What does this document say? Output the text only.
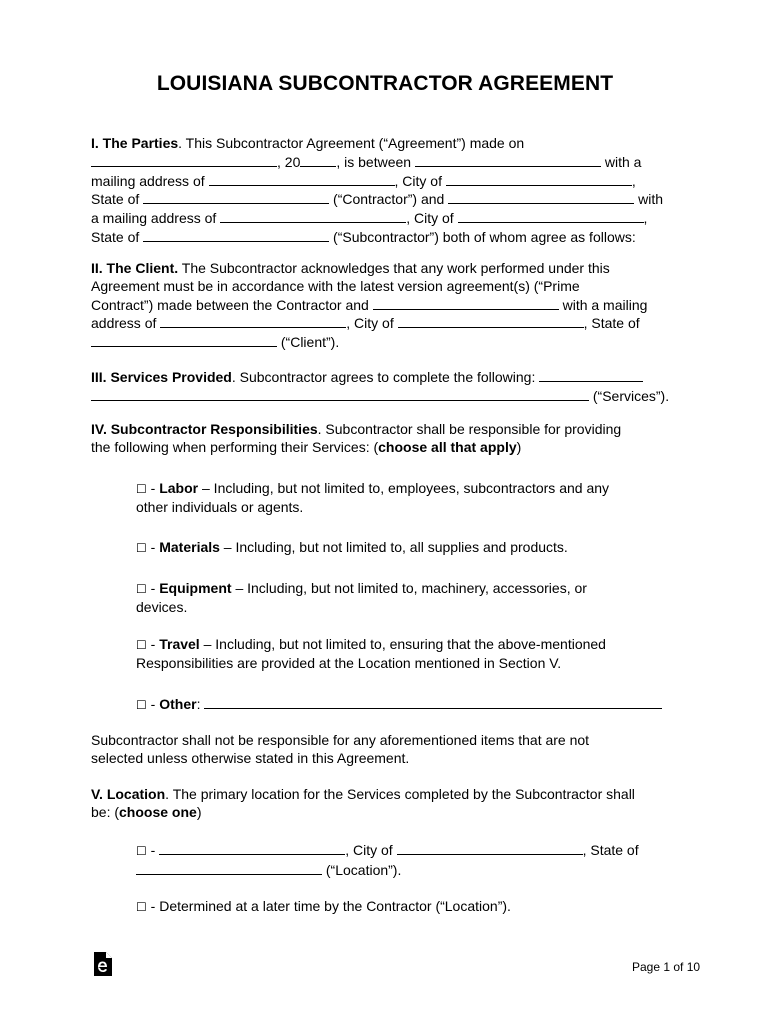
LOUISIANA SUBCONTRACTOR AGREEMENT
I. The Parties. This Subcontractor Agreement (“Agreement”) made on
, 20	, is between	with a
mailing address of	, City of	,
State of	(“Contractor”) and	with
a mailing address of	, City of	,
State of	(“Subcontractor”) both of whom agree as follows:
II. The Client. The Subcontractor acknowledges that any work performed under this
Agreement must be in accordance with the latest version agreement(s) (“Prime
Contract”) made between the Contractor and	with a mailing
address of	, City of	, State of
(“Client”).
III. Services Provided. Subcontractor agrees to complete the following:
(“Services”).
IV. Subcontractor Responsibilities. Subcontractor shall be responsible for providing
the following when performing their Services: (choose all that apply)
☐ - Labor – Including, but not limited to, employees, subcontractors and any
other individuals or agents.
☐ - Materials – Including, but not limited to, all supplies and products.
☐ - Equipment – Including, but not limited to, machinery, accessories, or
devices.
☐ - Travel – Including, but not limited to, ensuring that the above-mentioned
Responsibilities are provided at the Location mentioned in Section V.
☐ - Other:
Subcontractor shall not be responsible for any aforementioned items that are not
selected unless otherwise stated in this Agreement.
V. Location. The primary location for the Services completed by the Subcontractor shall
be: (choose one)
☐ -	, City of	, State of
(“Location”).
☐ - Determined at a later time by the Contractor (“Location”).
Page 1 of 10
